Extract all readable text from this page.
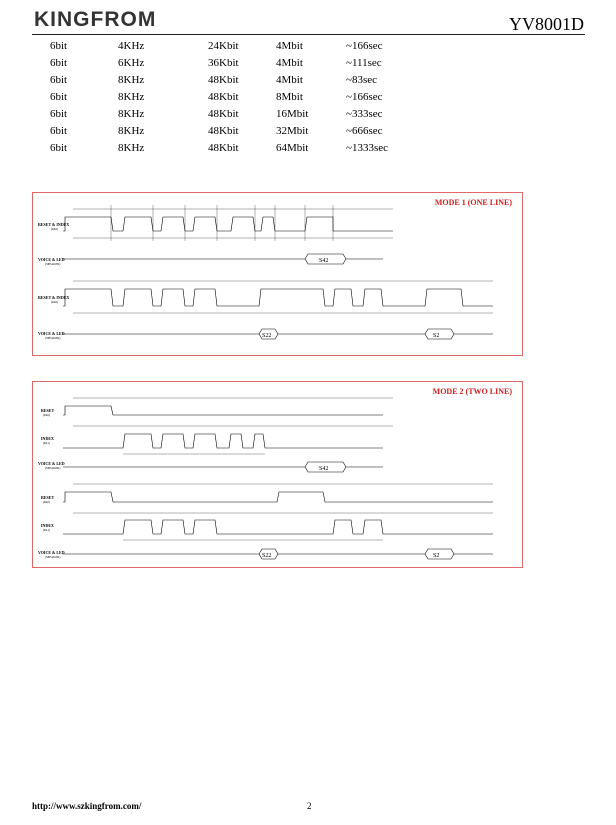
KINGFROM	YV8001D
6bit	4KHz	24Kbit	4Mbit	~166sec
6bit	6KHz	36Kbit	4Mbit	~111sec
6bit	8KHz	48Kbit	4Mbit	~83sec
6bit	8KHz	48Kbit	8Mbit	~166sec
6bit	8KHz	48Kbit	16Mbit	~333sec
6bit	8KHz	48Kbit	32Mbit	~666sec
6bit	8KHz	48Kbit	64Mbit	~1333sec
MODE 1 (ONE LINE)
RESET & INDEX
(PA0)
VOICE & LED
(SPEAKER)
RESET & INDEX
(PA0)
VOICE & LED
(SPEAKER)
S42
S22	S2
MODE 2 (TWO LINE)
RESET
(PA0)
INDEX
(PA1)
VOICE & LED
(SPEAKER)
RESET
(PA0)
INDEX
(PA1)
VOICE & LED
(SPEAKER)
S42
S22	S2
http://www.szkingfrom.com/	2
